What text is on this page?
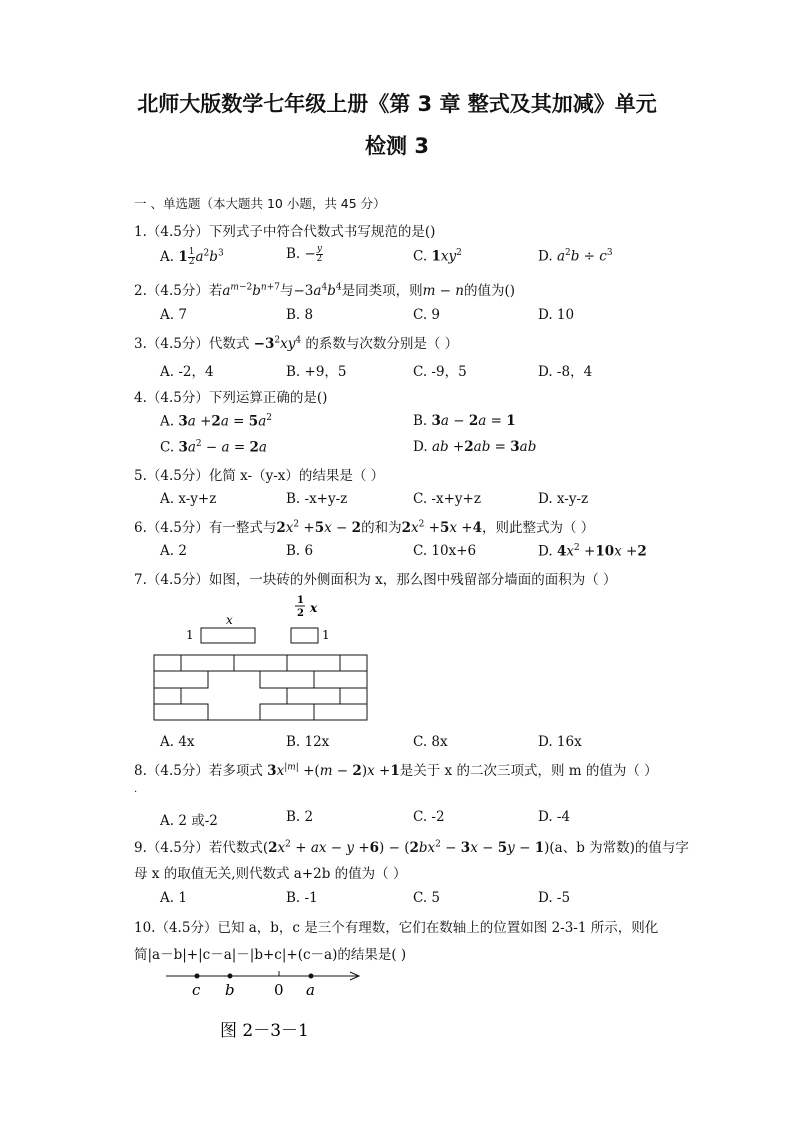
北师大版数学七年级上册《第 3 章 整式及其加减》单元
检测 3
一 、单选题（本大题共 10 小题，共 45 分）
1.（4.5分）下列式子中符合代数式书写规范的是()
A. $1 \frac{1}{2} a^2b^3$	B. − $\frac{y}{2}$	C. $1xy^2$	D. $a^2b \div c^3$
2.（4.5分）若$a^{m-2}b^{n+7}$与$-3a^4b^4$是同类项，则m − n的值为()
A. 7	B. 8	C. 9	D. 10
3.（4.5分）代数式 $-3^2xy^4$ 的系数与次数分别是（ ）
A. -2，4	B. +9，5	C. -9，5	D. -8，4
4.（4.5分）下列运算正确的是()
A. $3a +2a = 5a^2$	B. 3a − 2a = 1
C. $3a^2 - a = 2a$	D. ab +2ab = 3ab
5.（4.5分）化简 x-（y-x）的结果是（ ）
A. x-y+z	B. -x+y-z	C. -x+y+z	D. x-y-z
6.（4.5分）有一整式与$2x^2 +5x - 2$的和为$2x^2 +5x +4$，则此整式为（ ）
A. 2	B. 6	C. 10x+6	D. $4x^2 +10x +2$
7.（4.5分）如图，一块砖的外侧面积为 x，那么图中残留部分墙面的面积为（ ）
x
1
1
2 x
1
A. 4x	B. 12x	C. 8x	D. 16x
8.（4.5分）若多项式 $3x^{|m|} +(m - 2)x +1$是关于 x 的二次三项式，则 m 的值为（ ）
.
A. 2 或-2	B. 2	C. -2	D. -4
9.（4.5分）若代数式($2x^2$ + ax − $y +6) - (2bx^2 - 3x - 5y - 1)(a$、b 为常数)的值与字
母 x 的取值无关,则代数式 a+2b 的值为（ ）
A. 1	B. -1	C. 5	D. -5
10.（4.5分）已知 a，b，c 是三个有理数，它们在数轴上的位置如图 2-3-1 所示，则化
简|a－b|+|c－a|－|b+c|+(c－a)的结果是( )
c b	0 a
图 2－3－1
